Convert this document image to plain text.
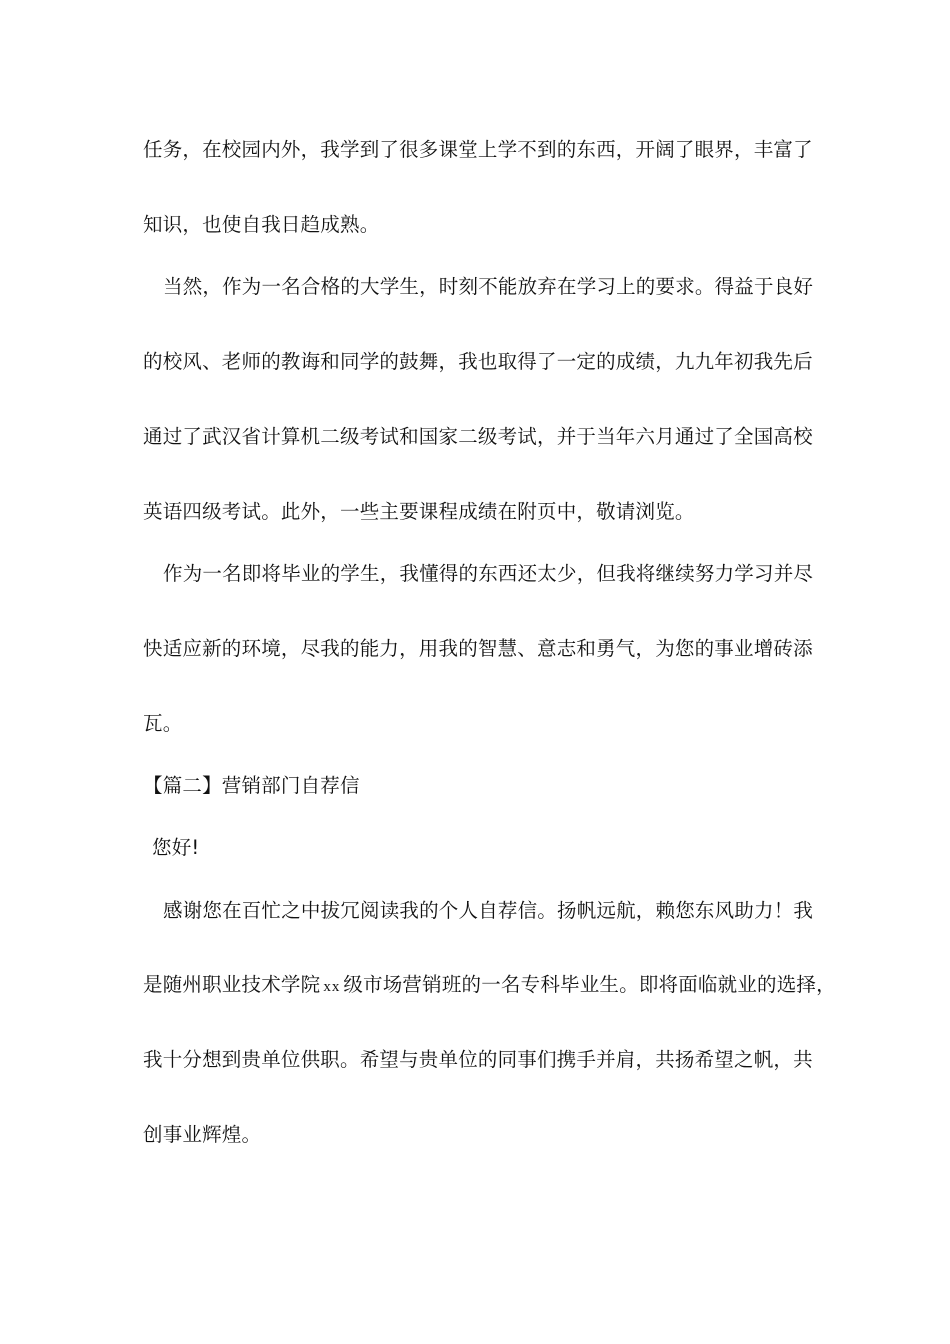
任务，在校园内外，我学到了很多课堂上学不到的东西，开阔了眼界，丰富了
知识，也使自我日趋成熟。
当然，作为一名合格的大学生，时刻不能放弃在学习上的要求。得益于良好
的校风、老师的教诲和同学的鼓舞，我也取得了一定的成绩，九九年初我先后
通过了武汉省计算机二级考试和国家二级考试，并于当年六月通过了全国高校
英语四级考试。此外，一些主要课程成绩在附页中，敬请浏览。
作为一名即将毕业的学生，我懂得的东西还太少，但我将继续努力学习并尽
快适应新的环境，尽我的能力，用我的智慧、意志和勇气，为您的事业增砖添
瓦。
【篇二】营销部门自荐信
您好!
感谢您在百忙之中拔冗阅读我的个人自荐信。扬帆远航，赖您东风助力！我
是随州职业技术学院 xx 级市场营销班的一名专科毕业生。即将面临就业的选择，
我十分想到贵单位供职。希望与贵单位的同事们携手并肩，共扬希望之帆，共
创事业辉煌。
